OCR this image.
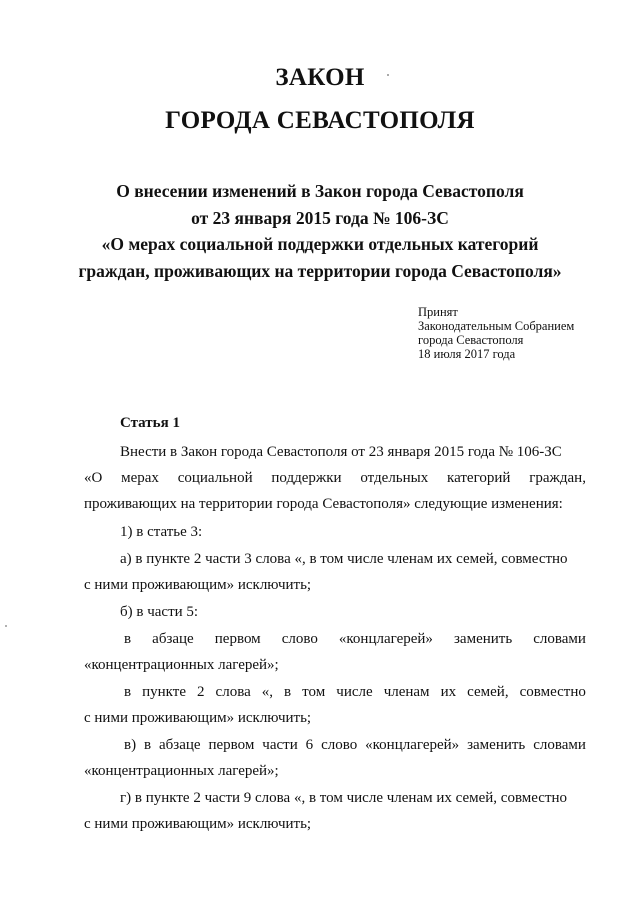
ЗАКОН
ГОРОДА СЕВАСТОПОЛЯ
О внесении изменений в Закон города Севастополя
от 23 января 2015 года № 106-ЗС
«О мерах социальной поддержки отдельных категорий
граждан, проживающих на территории города Севастополя»
Принят
Законодательным Собранием
города Севастополя
18 июля 2017 года
Статья 1
Внести в Закон города Севастополя от 23 января 2015 года № 106-ЗС
«О мерах социальной поддержки отдельных категорий граждан,
проживающих на территории города Севастополя» следующие изменения:
1) в статье 3:
а) в пункте 2 части 3 слова «, в том числе членам их семей, совместно
с ними проживающим» исключить;
б) в части 5:
в абзаце первом слово «концлагерей» заменить словами
«концентрационных лагерей»;
в пункте 2 слова «, в том числе членам их семей, совместно
с ними проживающим» исключить;
в) в абзаце первом части 6 слово «концлагерей» заменить словами
«концентрационных лагерей»;
г) в пункте 2 части 9 слова «, в том числе членам их семей, совместно
с ними проживающим» исключить;
